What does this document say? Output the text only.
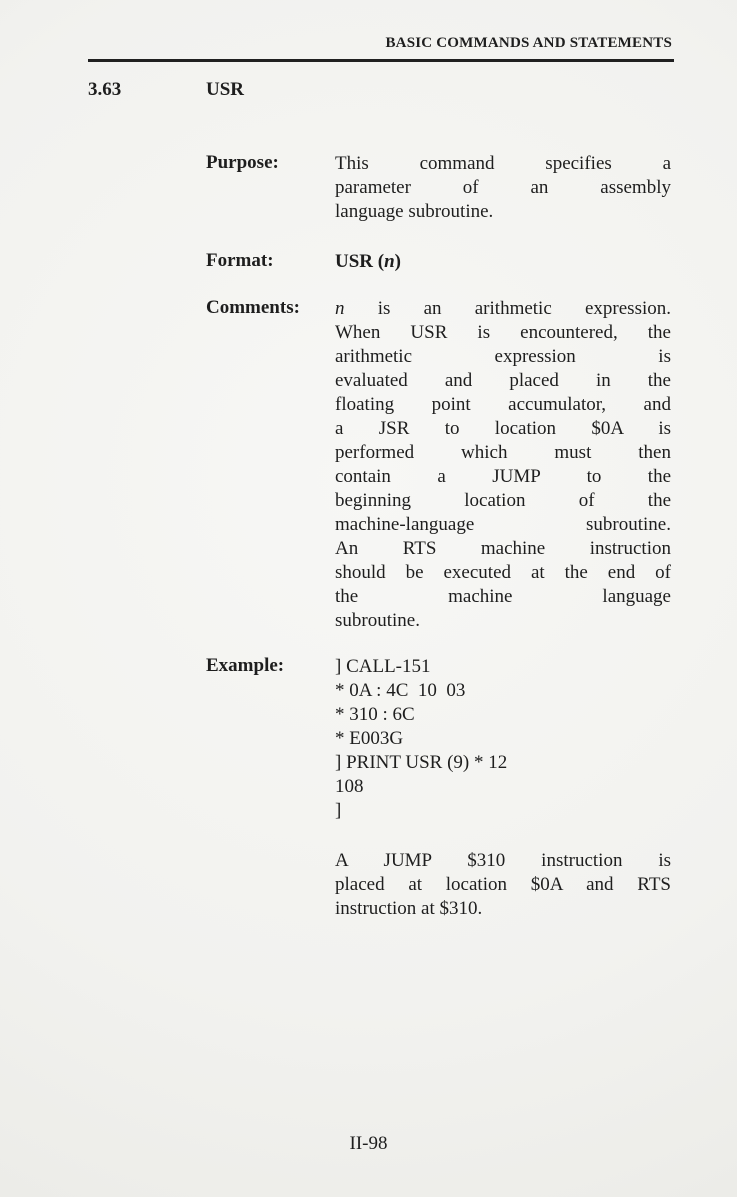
BASIC COMMANDS AND STATEMENTS
3.63	USR
Purpose:	This command specifies a
parameter of an assembly
language subroutine.
Format:	USR (n)
Comments: n is an arithmetic expression.
When USR is encountered, the
arithmetic expression is
evaluated and placed in the
floating point accumulator, and
a JSR to location $0A is
performed which must then
contain a JUMP to the
beginning location of the
machine-language subroutine.
An RTS machine instruction
should be executed at the end of
the machine language
subroutine.
Example:	] CALL-151
* 0A : 4C  10  03
* 310 : 6C
* E003G
] PRINT USR (9) * 12
108
]
A JUMP $310 instruction is
placed at location $0A and RTS
instruction at $310.
II-98
